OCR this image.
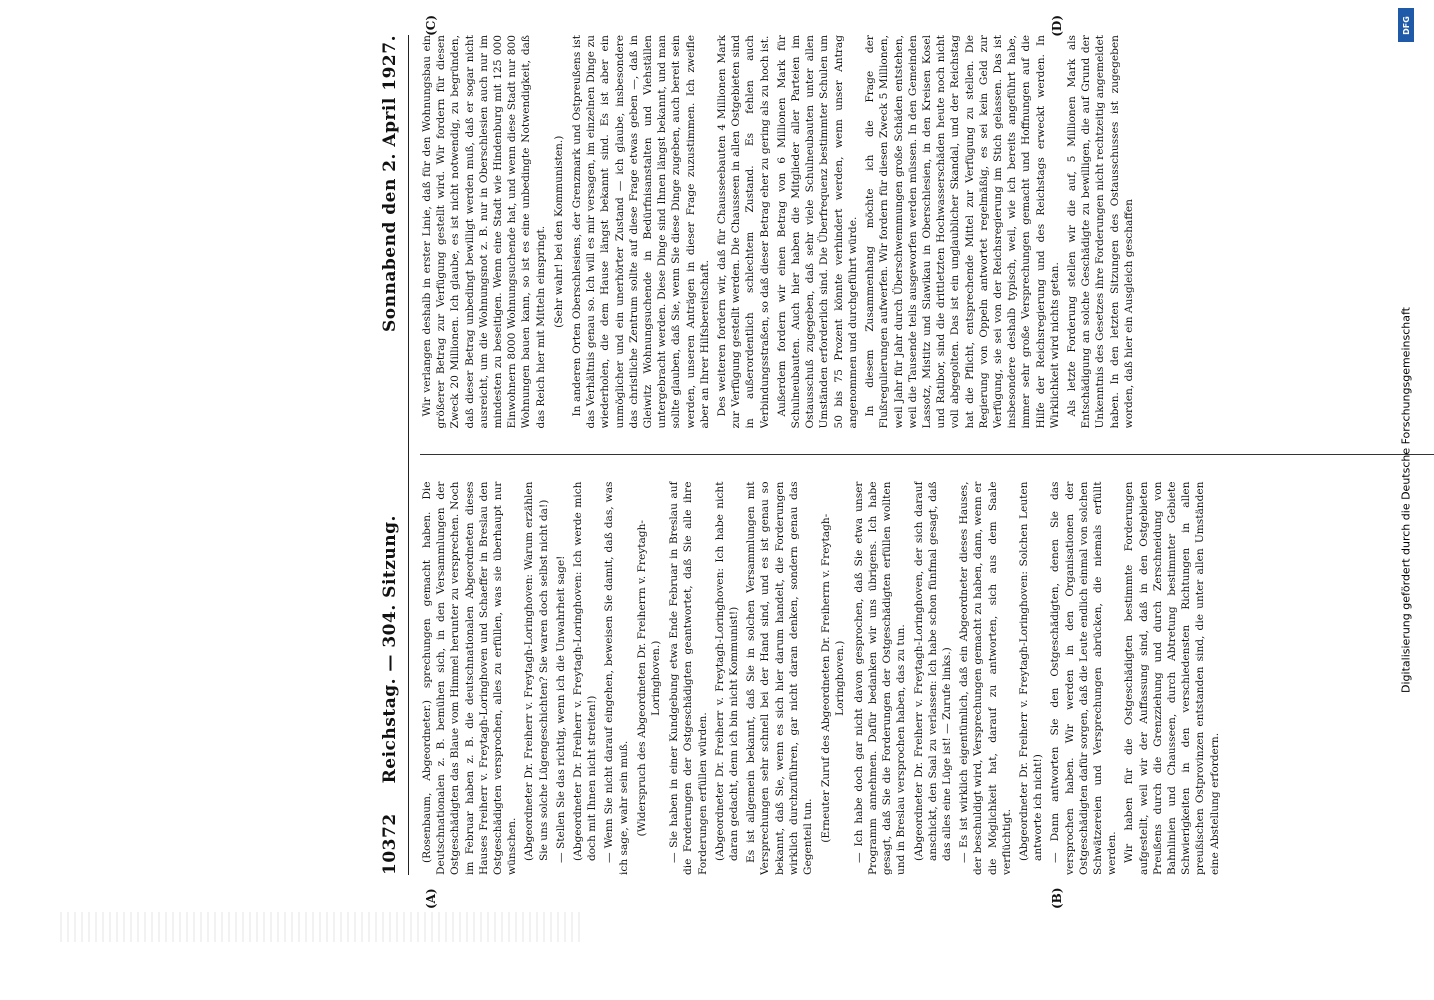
10372
Reichstag. — 304. Sitzung.
Sonnabend den 2. April 1927.
(A)	(B)
(C)	(D)

(Rosenbaum, Abgeordneter.) sprechungen gemacht haben. Die Deutschnationalen z. B. bemühen sich, in den Versammlungen der Ostgeschädigten das Blaue vom Himmel herunter zu versprechen. Noch im Februar haben z. B. die deutschnationalen Abgeordneten dieses Hauses Freiherr v. Freytagh-Loringhoven und Schaeffer in Breslau den Ostgeschädigten versprochen, alles zu erfüllen, was sie überhaupt nur wünschen. (Abgeordneter Dr. Freiherr v. Freytagh-Loringhoven: Warum erzählen Sie uns solche Lügengeschichten? Sie waren doch selbst nicht da!) — Stellen Sie das richtig, wenn ich die Unwahrheit sage! (Abgeordneter Dr. Freiherr v. Freytagh-Loringhoven: Ich werde mich doch mit Ihnen nicht streiten!) — Wenn Sie nicht darauf eingehen, beweisen Sie damit, daß das, was ich sage, wahr sein muß. (Widerspruch des Abgeordneten Dr. Freiherrn v. Freytagh-Loringhoven.) — Sie haben in einer Kundgebung etwa Ende Februar in Breslau auf die Forderungen der Ostgeschädigten geantwortet, daß Sie alle ihre Forderungen erfüllen würden. (Abgeordneter Dr. Freiherr v. Freytagh-Loringhoven: Ich habe nicht daran gedacht, denn ich bin nicht Kommunist!) Es ist allgemein bekannt, daß Sie in solchen Versammlungen mit Versprechungen sehr schnell bei der Hand sind, und es ist genau so bekannt, daß Sie, wenn es sich hier darum handelt, die Forderungen wirklich durchzuführen, gar nicht daran denken, sondern genau das Gegenteil tun. (Erneuter Zuruf des Abgeordneten Dr. Freiherrn v. Freytagh-Loringhoven.) — Ich habe doch gar nicht davon gesprochen, daß Sie etwa unser Programm annehmen. Dafür bedanken wir uns übrigens. Ich habe gesagt, daß Sie die Forderungen der Ostgeschädigten erfüllen wollten und in Breslau versprochen haben, das zu tun. (Abgeordneter Dr. Freiherr v. Freytagh-Loringhoven, der sich darauf anschickt, den Saal zu verlassen: Ich habe schon fünfmal gesagt, daß das alles eine Lüge ist! — Zurufe links.) — Es ist wirklich eigentümlich, daß ein Abgeordneter dieses Hauses, der beschuldigt wird, Versprechungen gemacht zu haben, dann, wenn er die Möglichkeit hat, darauf zu antworten, sich aus dem Saale verflüchtigt. (Abgeordneter Dr. Freiherr v. Freytagh-Loringhoven: Solchen Leuten antworte ich nicht!) — Dann antworten Sie den Ostgeschädigten, denen Sie das versprochen haben. Wir werden in den Organisationen der Ostgeschädigten dafür sorgen, daß die Leute endlich einmal von solchen Schwätzereien und Versprechungen abrücken, die niemals erfüllt werden. Wir haben für die Ostgeschädigten bestimmte Forderungen aufgestellt, weil wir der Auffassung sind, daß in den Ostgebieten Preußens durch die Grenzziehung und durch Zerschneidung von Bahnlinien und Chausseen, durch Abtretung bestimmter Gebiete Schwierigkeiten in den verschiedensten Richtungen in allen preußischen Ostprovinzen entstanden sind, die unter allen Umständen eine Abstellung erfordern.

Wir verlangen deshalb in erster Linie, daß für den Wohnungsbau ein größerer Betrag zur Verfügung gestellt wird. Wir fordern für diesen Zweck 20 Millionen. Ich glaube, es ist nicht notwendig, zu begründen, daß dieser Betrag unbedingt bewilligt werden muß, daß er sogar nicht ausreicht, um die Wohnungsnot z. B. nur in Oberschlesien auch nur im mindesten zu beseitigen. Wenn eine Stadt wie Hindenburg mit 125 000 Einwohnern 8000 Wohnungsuchende hat, und wenn diese Stadt nur 800 Wohnungen bauen kann, so ist es eine unbedingte Notwendigkeit, daß das Reich hier mit Mitteln einspringt. (Sehr wahr! bei den Kommunisten.) In anderen Orten Oberschlesiens, der Grenzmark und Ostpreußens ist das Verhältnis genau so. Ich will es mir versagen, im einzelnen Dinge zu wiederholen, die dem Hause längst bekannt sind. Es ist aber ein unmöglicher und ein unerhörter Zustand — ich glaube, insbesondere das christliche Zentrum sollte auf diese Frage etwas geben —, daß in Gleiwitz Wohnungsuchende in Bedürfnisanstalten und Viehställen untergebracht werden. Diese Dinge sind Ihnen längst bekannt, und man sollte glauben, daß Sie, wenn Sie diese Dinge zugeben, auch bereit sein werden, unseren Anträgen in dieser Frage zuzustimmen. Ich zweifle aber an Ihrer Hilfsbereitschaft. Des weiteren fordern wir, daß für Chausseebauten 4 Millionen Mark zur Verfügung gestellt werden. Die Chausseen in allen Ostgebieten sind in außerordentlich schlechtem Zustand. Es fehlen auch Verbindungsstraßen, so daß dieser Betrag eher zu gering als zu hoch ist. Außerdem fordern wir einen Betrag von 6 Millionen Mark für Schulneubauten. Auch hier haben die Mitglieder aller Parteien im Ostausschuß zugegeben, daß sehr viele Schulneubauten unter allen Umständen erforderlich sind. Die Überfrequenz bestimmter Schulen um 50 bis 75 Prozent könnte verhindert werden, wenn unser Antrag angenommen und durchgeführt würde. In diesem Zusammenhang möchte ich die Frage der Flußregulierungen aufwerfen. Wir fordern für diesen Zweck 5 Millionen, weil Jahr für Jahr durch Überschwemmungen große Schäden entstehen, weil die Tausende teils ausgeworfen werden müssen. In den Gemeinden Lassotz, Mistitz und Slawikau in Oberschlesien, in den Kreisen Kosel und Ratibor, sind die drittletzten Hochwasserschäden heute noch nicht voll abgegolten. Das ist ein unglaublicher Skandal, und der Reichstag hat die Pflicht, entsprechende Mittel zur Verfügung zu stellen. Die Regierung von Oppeln antwortet regelmäßig, es sei kein Geld zur Verfügung, sie sei von der Reichsregierung im Stich gelassen. Das ist insbesondere deshalb typisch, weil, wie ich bereits angeführt habe, immer sehr große Versprechungen gemacht und Hoffnungen auf die Hilfe der Reichsregierung und des Reichstags erweckt werden. In Wirklichkeit wird nichts getan. Als letzte Forderung stellen wir die auf, 5 Millionen Mark als Entschädigung an solche Geschädigte zu bewilligen, die auf Grund der Unkenntnis des Gesetzes ihre Forderungen nicht rechtzeitig angemeldet haben. In den letzten Sitzungen des Ostausschusses ist zugegeben worden, daß hier ein Ausgleich geschaffen

DFG
Digitalisierung gefördert durch die Deutsche Forschungsgemeinschaft
